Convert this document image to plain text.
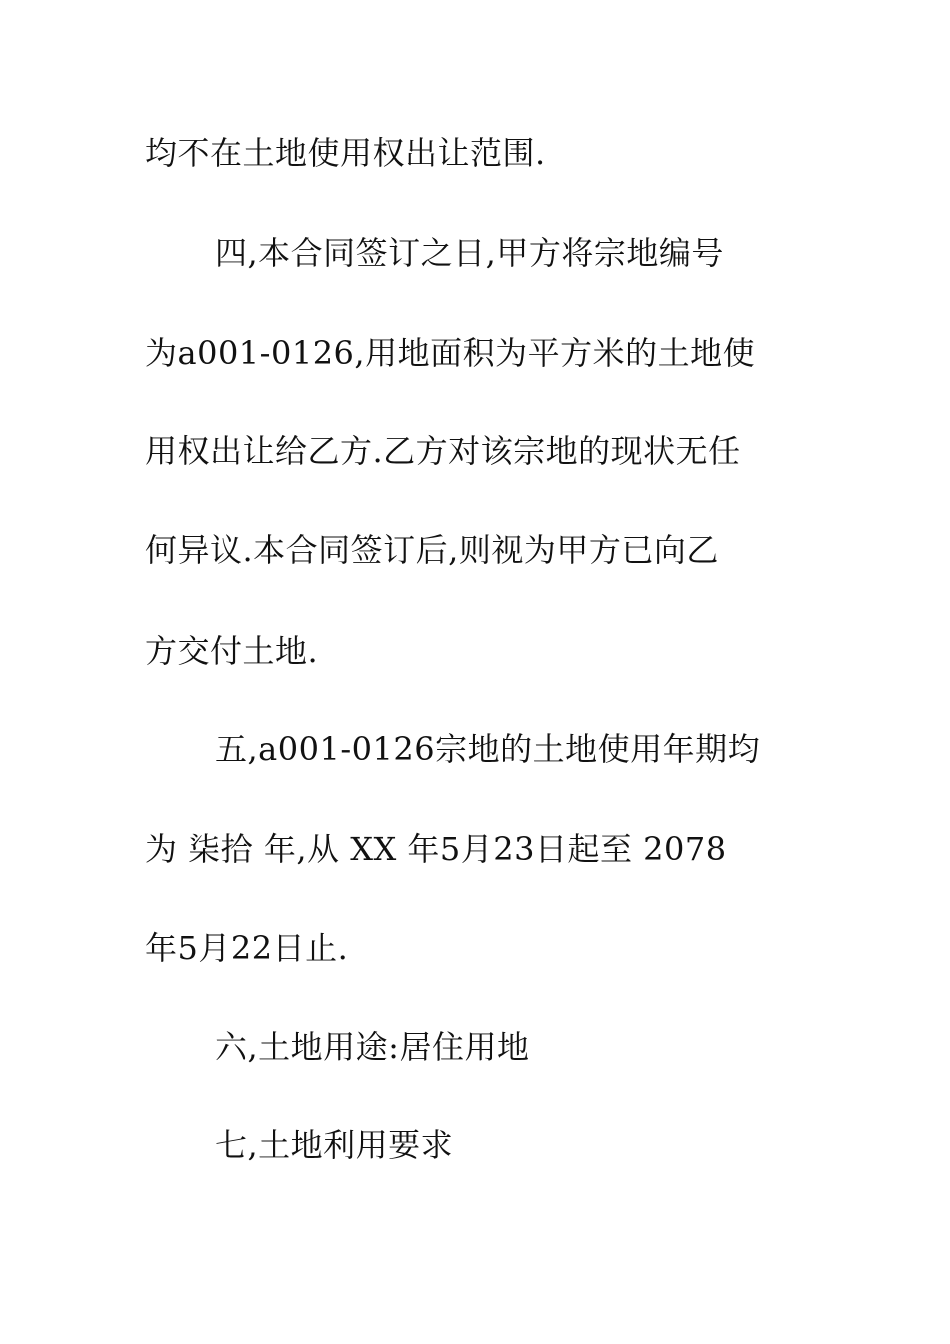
均不在土地使用权出让范围.
四,本合同签订之日,甲方将宗地编号
为a001-0126,用地面积为平方米的土地使
用权出让给乙方.乙方对该宗地的现状无任
何异议.本合同签订后,则视为甲方已向乙
方交付土地.
五,a001-0126宗地的土地使用年期均
为 柒拾 年,从 XX 年5月23日起至 2078
年5月22日止.
六,土地用途:居住用地
七,土地利用要求
